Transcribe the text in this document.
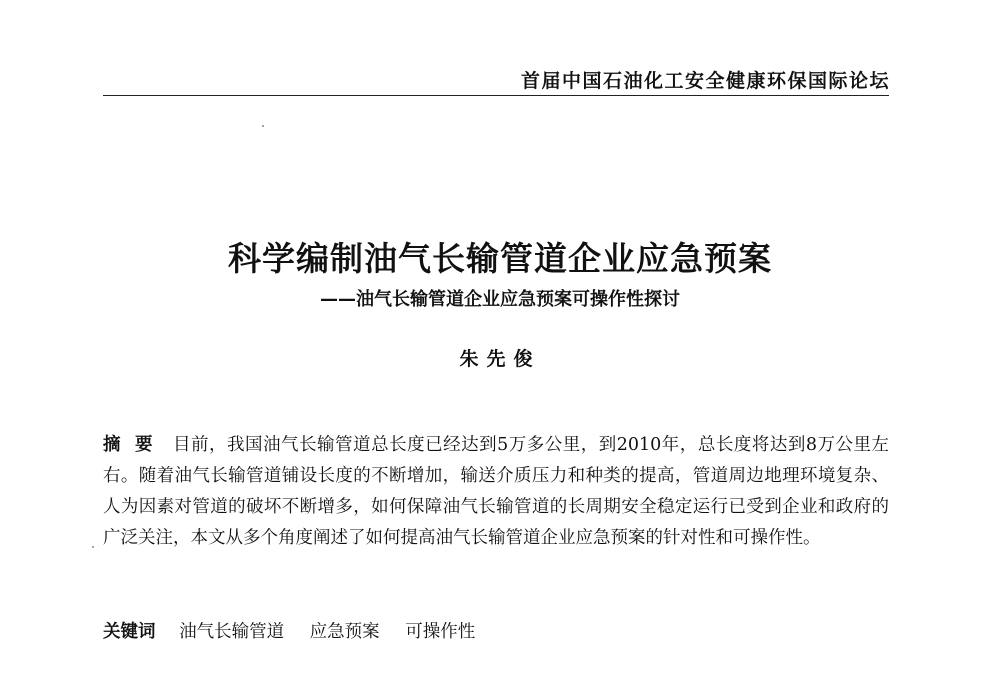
首届中国石油化工安全健康环保国际论坛
科学编制油气长输管道企业应急预案
——油气长输管道企业应急预案可操作性探讨
朱先俊
摘要 目前，我国油气长输管道总长度已经达到5万多公里，到2010年，总长度将达到8万公里左右。随着油气长输管道铺设长度的不断增加，输送介质压力和种类的提高，管道周边地理环境复杂、人为因素对管道的破坏不断增多，如何保障油气长输管道的长周期安全稳定运行已受到企业和政府的广泛关注，本文从多个角度阐述了如何提高油气长输管道企业应急预案的针对性和可操作性。
关键词 油气长输管道 应急预案 可操作性
